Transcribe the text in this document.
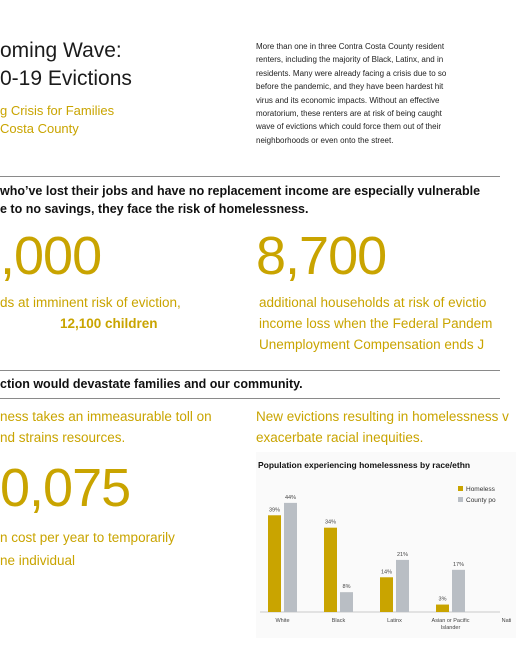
oming Wave:
0-19 Evictions
g Crisis for Families
Costa County
More than one in three Contra Costa County resident
renters, including the majority of Black, Latinx, and in
residents. Many were already facing a crisis due to so
before the pandemic, and they have been hardest hit
virus and its economic impacts. Without an effective
moratorium, these renters are at risk of being caught
wave of evictions which could force them out of their
neighborhoods or even onto the street.
who’ve lost their jobs and have no replacement income are especially vulnerable
e to no savings, they face the risk of homelessness.
,000
ds at imminent risk of eviction,
12,100 children
8,700
additional households at risk of evictio
income loss when the Federal Pandem
Unemployment Compensation ends J
ction would devastate families and our community.
ness takes an immeasurable toll on
nd strains resources.
0,075
n cost per year to temporarily
ne individual
New evictions resulting in homelessness v
exacerbate racial inequities.
Population experiencing homelessness by race/ethn
39%
44%
White
34%
8%
Black
14%
21%
Latinx
3%
17%
Asian or Pacific
Islander
Nati
Homeless
County po
